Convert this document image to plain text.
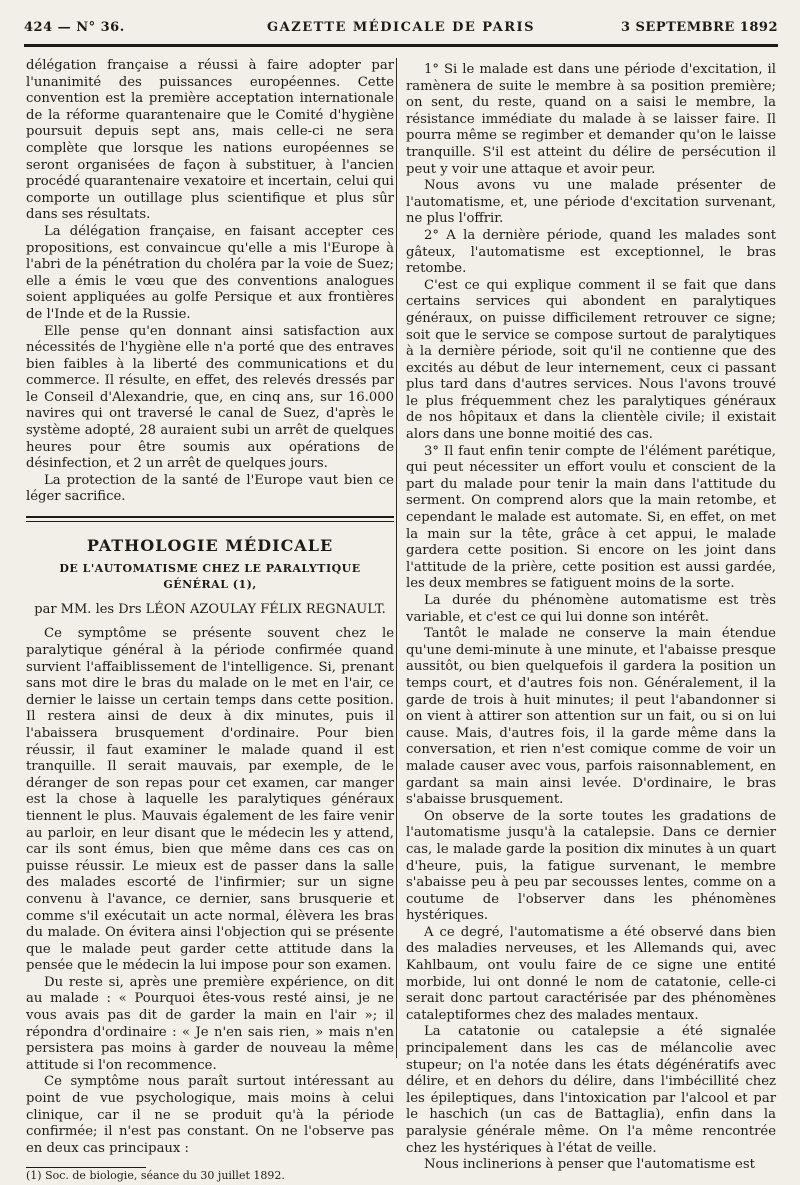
424 — N° 36.	GAZETTE MÉDICALE DE PARIS	3 SEPTEMBRE 1892

délégation française a réussi à faire adopter par l'unanimité des puissances européennes. Cette convention est la première acceptation internationale de la réforme quarantenaire que le Comité d'hygiène poursuit depuis sept ans, mais celle-ci ne sera complète que lorsque les nations européennes se seront organisées de façon à substituer, à l'ancien procédé quarantenaire vexatoire et incertain, celui qui comporte un outillage plus scientifique et plus sûr dans ses résultats.

La délégation française, en faisant accepter ces propositions, est convaincue qu'elle a mis l'Europe à l'abri de la pénétration du choléra par la voie de Suez; elle a émis le vœu que des conventions analogues soient appliquées au golfe Persique et aux frontières de l'Inde et de la Russie.

Elle pense qu'en donnant ainsi satisfaction aux nécessités de l'hygiène elle n'a porté que des entraves bien faibles à la liberté des communications et du commerce. Il résulte, en effet, des relevés dressés par le Conseil d'Alexandrie, que, en cinq ans, sur 16.000 navires qui ont traversé le canal de Suez, d'après le système adopté, 28 auraient subi un arrêt de quelques heures pour être soumis aux opérations de désinfection, et 2 un arrêt de quelques jours.

La protection de la santé de l'Europe vaut bien ce léger sacrifice.

PATHOLOGIE MÉDICALE
DE L'AUTOMATISME CHEZ LE PARALYTIQUE GÉNÉRAL (1),
par MM. les Drs LÉON AZOULAY FÉLIX REGNAULT.

Ce symptôme se présente souvent chez le paralytique général à la période confirmée quand survient l'affaiblissement de l'intelligence. Si, prenant sans mot dire le bras du malade on le met en l'air, ce dernier le laisse un certain temps dans cette position. Il restera ainsi de deux à dix minutes, puis il l'abaissera brusquement d'ordinaire. Pour bien réussir, il faut examiner le malade quand il est tranquille. Il serait mauvais, par exemple, de le déranger de son repas pour cet examen, car manger est la chose à laquelle les paralytiques généraux tiennent le plus. Mauvais également de les faire venir au parloir, en leur disant que le médecin les y attend, car ils sont émus, bien que même dans ces cas on puisse réussir. Le mieux est de passer dans la salle des malades escorté de l'infirmier; sur un signe convenu à l'avance, ce dernier, sans brusquerie et comme s'il exécutait un acte normal, élèvera les bras du malade. On évitera ainsi l'objection qui se présente que le malade peut garder cette attitude dans la pensée que le médecin la lui impose pour son examen.

Du reste si, après une première expérience, on dit au malade : « Pourquoi êtes-vous resté ainsi, je ne vous avais pas dit de garder la main en l'air »; il répondra d'ordinaire : « Je n'en sais rien, » mais n'en persistera pas moins à garder de nouveau la même attitude si l'on recommence.

Ce symptôme nous paraît surtout intéressant au point de vue psychologique, mais moins à celui clinique, car il ne se produit qu'à la période confirmée; il n'est pas constant. On ne l'observe pas en deux cas principaux :

(1) Soc. de biologie, séance du 30 juillet 1892.

1° Si le malade est dans une période d'excitation, il ramènera de suite le membre à sa position première; on sent, du reste, quand on a saisi le membre, la résistance immédiate du malade à se laisser faire. Il pourra même se regimber et demander qu'on le laisse tranquille. S'il est atteint du délire de persécution il peut y voir une attaque et avoir peur.

Nous avons vu une malade présenter de l'automatisme, et, une période d'excitation survenant, ne plus l'offrir.

2° A la dernière période, quand les malades sont gâteux, l'automatisme est exceptionnel, le bras retombe.

C'est ce qui explique comment il se fait que dans certains services qui abondent en paralytiques généraux, on puisse difficilement retrouver ce signe; soit que le service se compose surtout de paralytiques à la dernière période, soit qu'il ne contienne que des excités au début de leur internement, ceux ci passant plus tard dans d'autres services. Nous l'avons trouvé le plus fréquemment chez les paralytiques généraux de nos hôpitaux et dans la clientèle civile; il existait alors dans une bonne moitié des cas.

3° Il faut enfin tenir compte de l'élément parétique, qui peut nécessiter un effort voulu et conscient de la part du malade pour tenir la main dans l'attitude du serment. On comprend alors que la main retombe, et cependant le malade est automate. Si, en effet, on met la main sur la tête, grâce à cet appui, le malade gardera cette position. Si encore on les joint dans l'attitude de la prière, cette position est aussi gardée, les deux membres se fatiguent moins de la sorte.

La durée du phénomène automatisme est très variable, et c'est ce qui lui donne son intérêt.

Tantôt le malade ne conserve la main étendue qu'une demi-minute à une minute, et l'abaisse presque aussitôt, ou bien quelquefois il gardera la position un temps court, et d'autres fois non. Généralement, il la garde de trois à huit minutes; il peut l'abandonner si on vient à attirer son attention sur un fait, ou si on lui cause. Mais, d'autres fois, il la garde même dans la conversation, et rien n'est comique comme de voir un malade causer avec vous, parfois raisonnablement, en gardant sa main ainsi levée. D'ordinaire, le bras s'abaisse brusquement.

On observe de la sorte toutes les gradations de l'automatisme jusqu'à la catalepsie. Dans ce dernier cas, le malade garde la position dix minutes à un quart d'heure, puis, la fatigue survenant, le membre s'abaisse peu à peu par secousses lentes, comme on a coutume de l'observer dans les phénomènes hystériques.

A ce degré, l'automatisme a été observé dans bien des maladies nerveuses, et les Allemands qui, avec Kahlbaum, ont voulu faire de ce signe une entité morbide, lui ont donné le nom de catatonie, celle-ci serait donc partout caractérisée par des phénomènes cataleptiformes chez des malades mentaux.

La catatonie ou catalepsie a été signalée principalement dans les cas de mélancolie avec stupeur; on l'a notée dans les états dégénératifs avec délire, et en dehors du délire, dans l'imbécillité chez les épileptiques, dans l'intoxication par l'alcool et par le haschich (un cas de Battaglia), enfin dans la paralysie générale même. On l'a même rencontrée chez les hystériques à l'état de veille.

Nous inclinerions à penser que l'automatisme est
